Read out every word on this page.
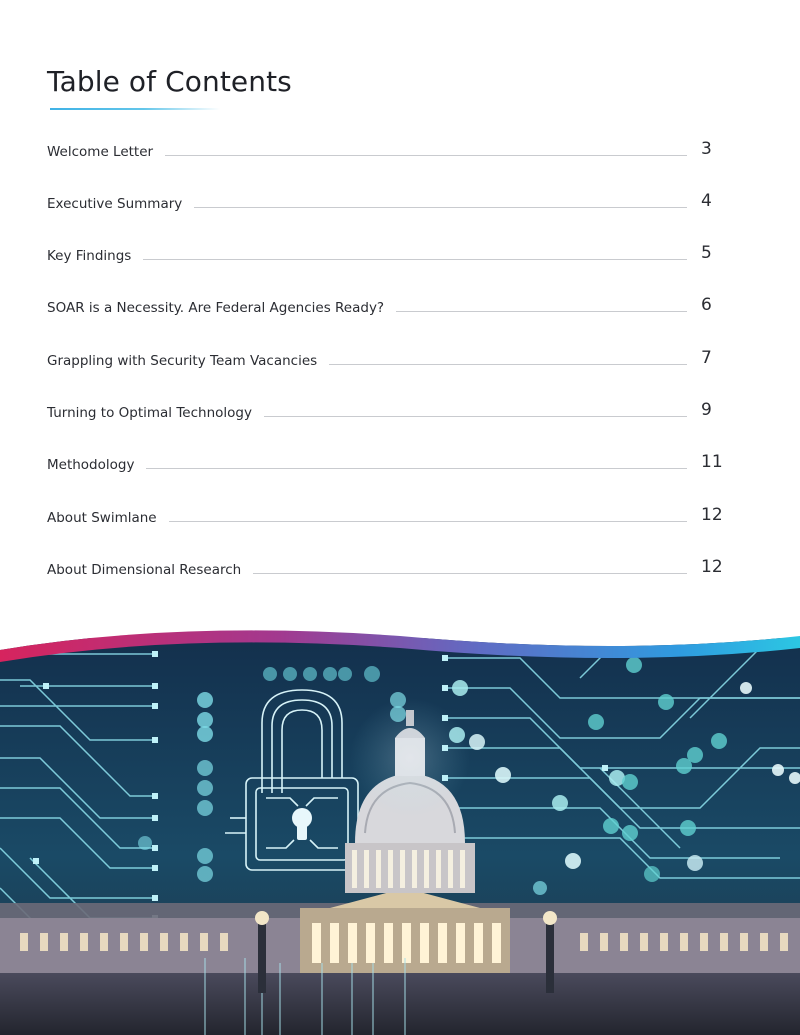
Table of Contents
Welcome Letter	3
Executive Summary	4
Key Findings	5
SOAR is a Necessity. Are Federal Agencies Ready?	6
Grappling with Security Team Vacancies	7
Turning to Optimal Technology	9
Methodology	11
About Swimlane	12
About Dimensional Research	12
